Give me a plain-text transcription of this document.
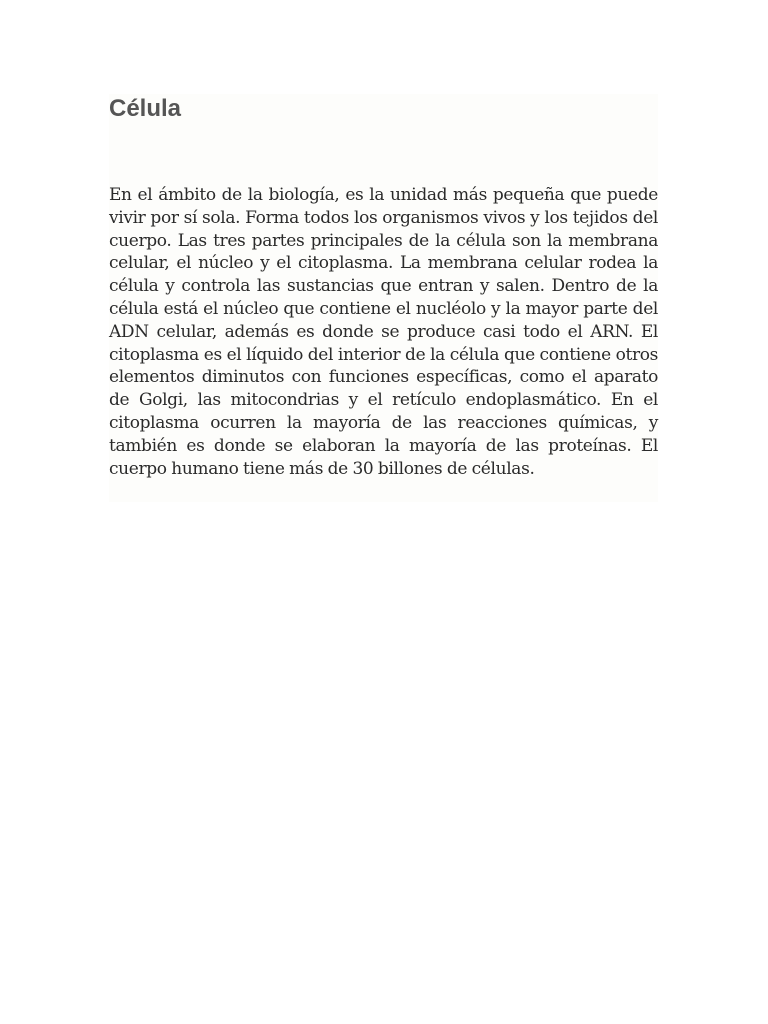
Célula

En el ámbito de la biología, es la unidad más pequeña que puede vivir por sí sola. Forma todos los organismos vivos y los tejidos del cuerpo. Las tres partes principales de la célula son la membrana celular, el núcleo y el citoplasma. La membrana celular rodea la célula y controla las sustancias que entran y salen. Dentro de la célula está el núcleo que contiene el nucléolo y la mayor parte del ADN celular, además es donde se produce casi todo el ARN. El citoplasma es el líquido del interior de la célula que contiene otros elementos diminutos con funciones específicas, como el aparato de Golgi, las mitocondrias y el retículo endoplasmático. En el citoplasma ocurren la mayoría de las reacciones químicas, y también es donde se elaboran la mayoría de las proteínas. El cuerpo humano tiene más de 30 billones de células.
